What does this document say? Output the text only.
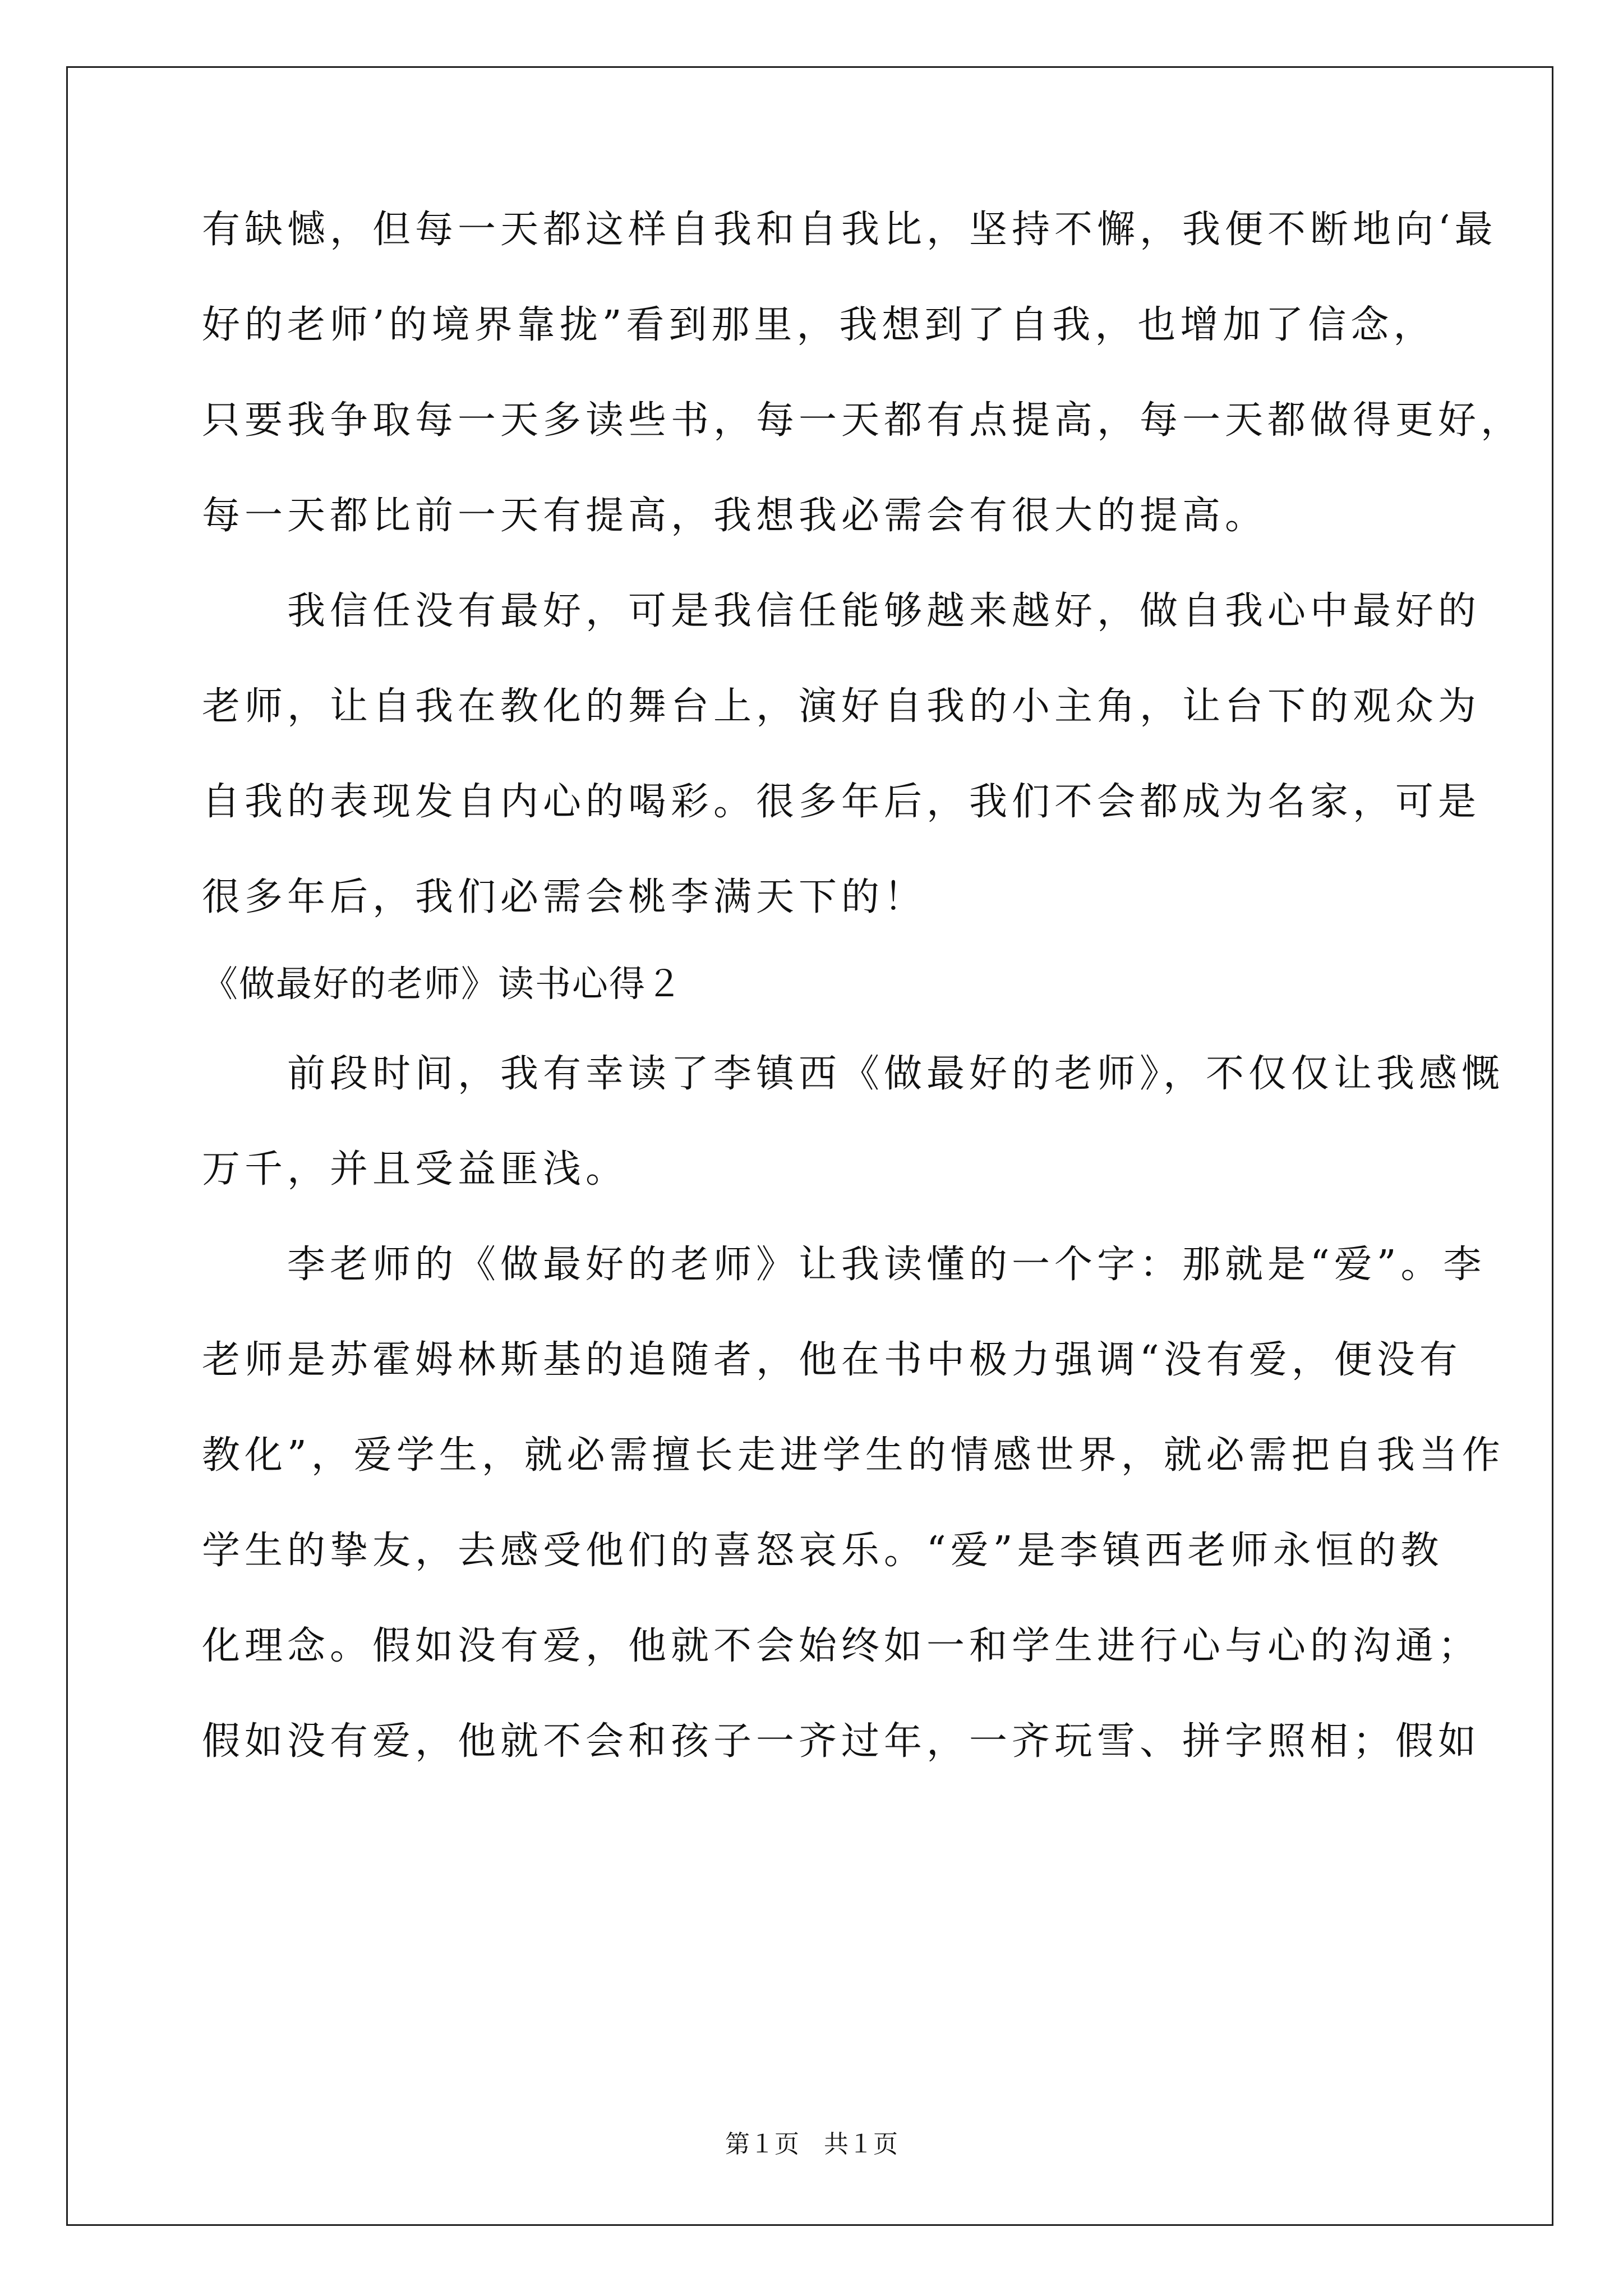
有缺憾，但每一天都这样自我和自我比，坚持不懈，我便不断地向‘最
好的老师’的境界靠拢”看到那里，我想到了自我，也增加了信念，
只要我争取每一天多读些书，每一天都有点提高，每一天都做得更好，
每一天都比前一天有提高，我想我必需会有很大的提高。
　　我信任没有最好，可是我信任能够越来越好，做自我心中最好的
老师，让自我在教化的舞台上，演好自我的小主角，让台下的观众为
自我的表现发自内心的喝彩。很多年后，我们不会都成为名家，可是
很多年后，我们必需会桃李满天下的！
《做最好的老师》读书心得２
　　前段时间，我有幸读了李镇西《做最好的老师》，不仅仅让我感慨
万千，并且受益匪浅。
　　李老师的《做最好的老师》让我读懂的一个字：那就是“爱”。李
老师是苏霍姆林斯基的追随者，他在书中极力强调“没有爱，便没有
教化”，爱学生，就必需擅长走进学生的情感世界，就必需把自我当作
学生的挚友，去感受他们的喜怒哀乐。“爱”是李镇西老师永恒的教
化理念。假如没有爱，他就不会始终如一和学生进行心与心的沟通；
假如没有爱，他就不会和孩子一齐过年，一齐玩雪、拼字照相；假如
第１页　共１页
